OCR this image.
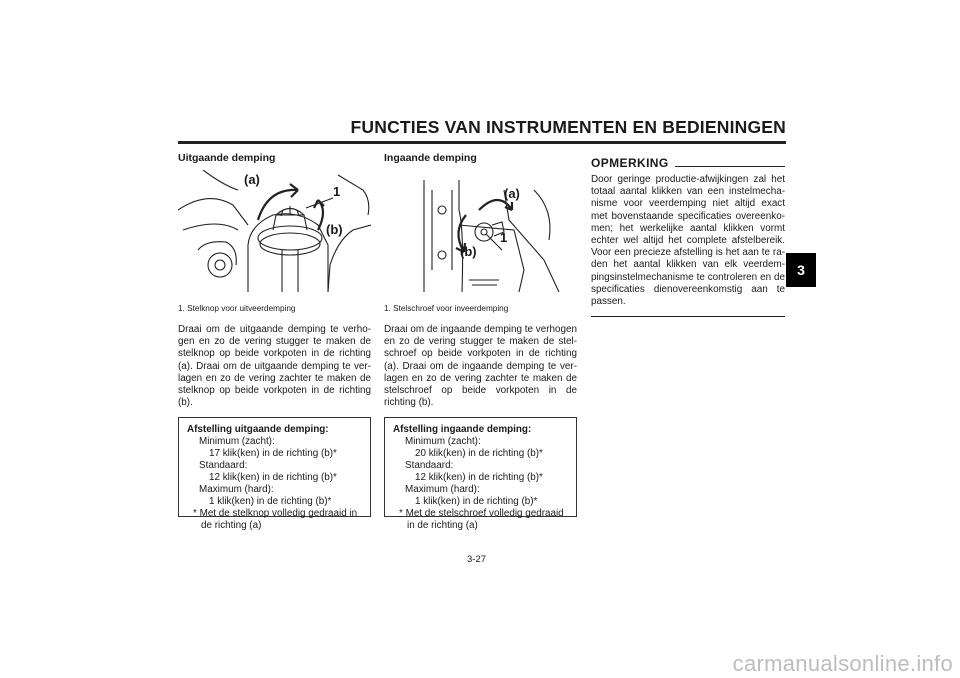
FUNCTIES VAN INSTRUMENTEN EN BEDIENINGEN
3
Uitgaande demping
(a)
1
(b)
1. Stelknop voor uitveerdemping

Draai om de uitgaande demping te verho-gen en zo de vering stugger te maken de stelknop op beide vorkpoten in de richting (a). Draai om de uitgaande demping te ver-lagen en zo de vering zachter te maken de stelknop op beide vorkpoten in de richting (b).

Afstelling uitgaande demping:
Minimum (zacht):
17 klik(ken) in de richting (b)*
Standaard:
12 klik(ken) in de richting (b)*
Maximum (hard):
1 klik(ken) in de richting (b)*
* Met de stelknop volledig gedraaid in de richting (a)
Ingaande demping
(a)
1
(b)
1. Stelschroef voor inveerdemping

Draai om de ingaande demping te verhogen en zo de vering stugger te maken de stel-schroef op beide vorkpoten in de richting (a). Draai om de ingaande demping te ver-lagen en zo de vering zachter te maken de stelschroef op beide vorkpoten in de richting (b).

Afstelling ingaande demping:
Minimum (zacht):
20 klik(ken) in de richting (b)*
Standaard:
12 klik(ken) in de richting (b)*
Maximum (hard):
1 klik(ken) in de richting (b)*
* Met de stelschroef volledig gedraaid in de richting (a)
OPMERKING

Door geringe productie-afwijkingen zal het totaal aantal klikken van een instelmecha-nisme voor veerdemping niet altijd exact met bovenstaande specificaties overeenko-men; het werkelijke aantal klikken vormt echter wel altijd het complete afstelbereik. Voor een precieze afstelling is het aan te ra-den het aantal klikken van elk veerdem-pingsinstelmechanisme te controleren en de specificaties dienovereenkomstig aan te passen.

3-27
carmanualsonline.info
